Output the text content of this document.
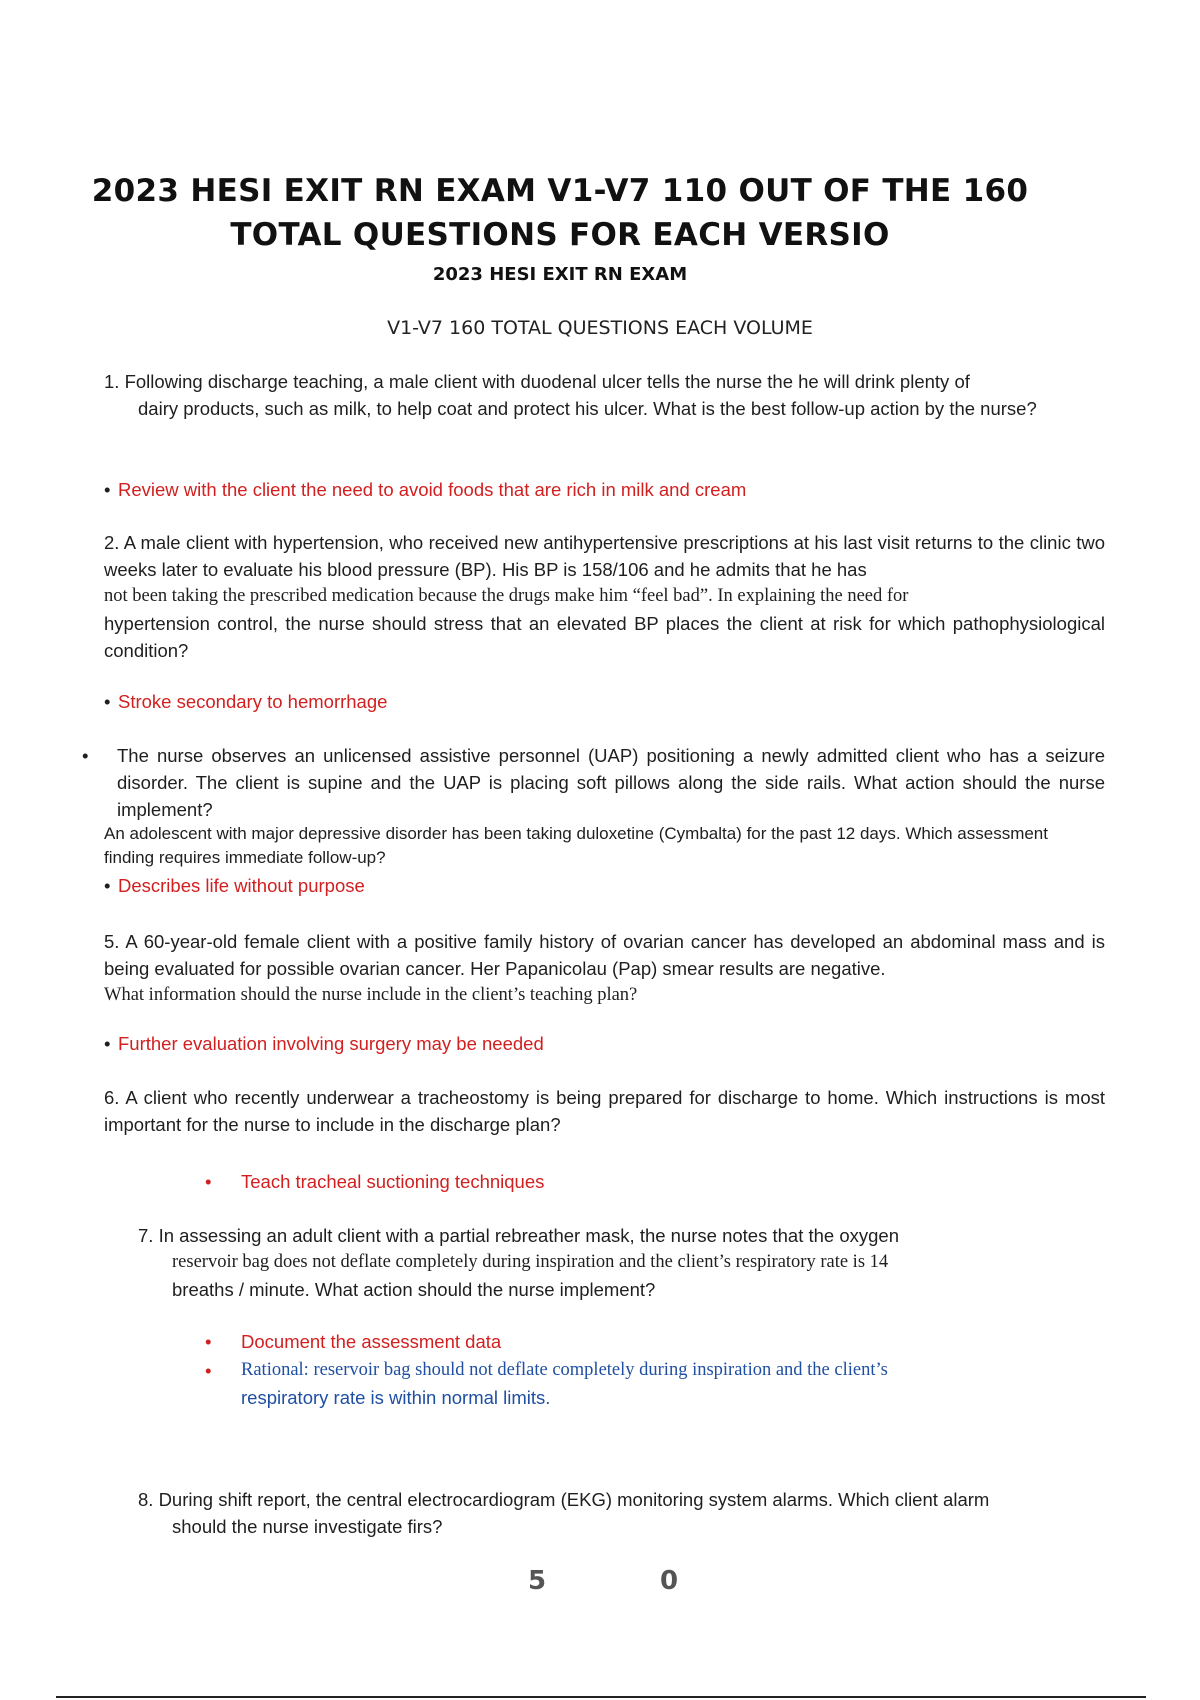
2023 HESI EXIT RN EXAM V1-V7 110 OUT OF THE 160
TOTAL QUESTIONS FOR EACH VERSIO
2023 HESI EXIT RN EXAM
V1-V7 160 TOTAL QUESTIONS EACH VOLUME
1. Following discharge teaching, a male client with duodenal ulcer tells the nurse the he will drink plenty of
dairy products, such as milk, to help coat and protect his ulcer. What is the best follow-up action by the nurse?
• Review with the client the need to avoid foods that are rich in milk and cream
2. A male client with hypertension, who received new antihypertensive prescriptions at his last visit returns to the clinic two weeks later to evaluate his blood pressure (BP). His BP is 158/106 and he admits that he has
not been taking the prescribed medication because the drugs make him “feel bad”. In explaining the need for
hypertension control, the nurse should stress that an elevated BP places the client at risk for which pathophysiological condition?
• Stroke secondary to hemorrhage
•	The nurse observes an unlicensed assistive personnel (UAP) positioning a newly admitted client who has a seizure disorder. The client is supine and the UAP is placing soft pillows along the side rails. What action should the nurse implement?
An adolescent with major depressive disorder has been taking duloxetine (Cymbalta) for the past 12 days. Which assessment finding requires immediate follow-up?
• Describes life without purpose
5. A 60-year-old female client with a positive family history of ovarian cancer has developed an abdominal mass and is being evaluated for possible ovarian cancer. Her Papanicolau (Pap) smear results are negative.
What information should the nurse include in the client’s teaching plan?
• Further evaluation involving surgery may be needed
6. A client who recently underwear a tracheostomy is being prepared for discharge to home. Which instructions is most important for the nurse to include in the discharge plan?
• Teach tracheal suctioning techniques
7. In assessing an adult client with a partial rebreather mask, the nurse notes that the oxygen
reservoir bag does not deflate completely during inspiration and the client’s respiratory rate is 14
breaths / minute. What action should the nurse implement?
• Document the assessment data
•	Rational: reservoir bag should not deflate completely during inspiration and the client’s
respiratory rate is within normal limits.
8. During shift report, the central electrocardiogram (EKG) monitoring system alarms. Which client alarm
should the nurse investigate firs?
5	0
